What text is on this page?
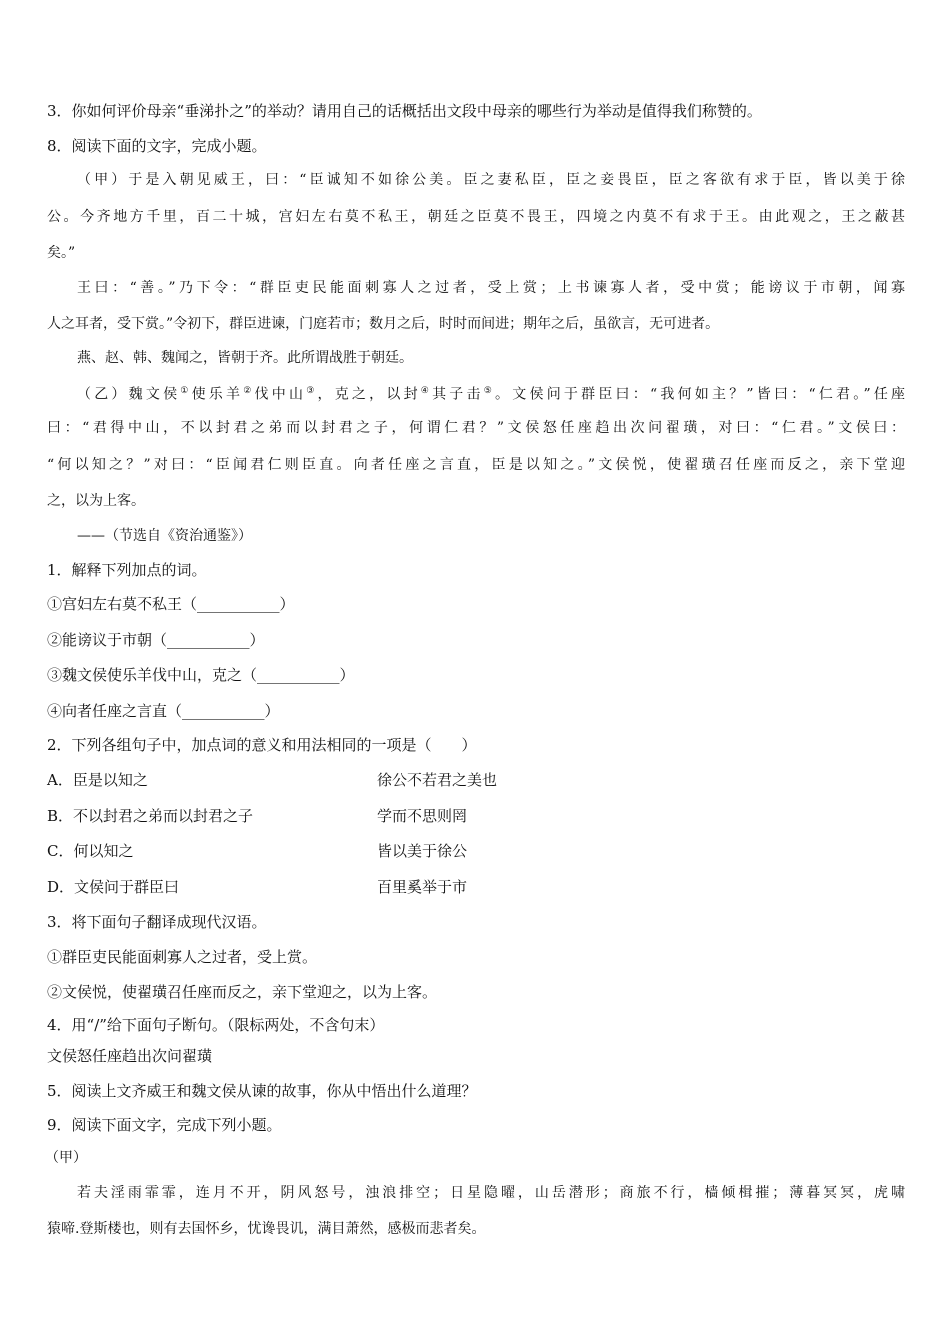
3．你如何评价母亲“垂涕扑之”的举动？请用自己的话概括出文段中母亲的哪些行为举动是值得我们称赞的。
8．阅读下面的文字，完成小题。
（甲）于是入朝见威王，曰：“臣诚知不如徐公美。臣之妻私臣，臣之妾畏臣，臣之客欲有求于臣，皆以美于徐
公。今齐地方千里，百二十城，宫妇左右莫不私王，朝廷之臣莫不畏王，四境之内莫不有求于王。由此观之，王之蔽甚
矣。”
王曰：“善。”乃下令：“群臣吏民能面刺寡人之过者，受上赏；上书谏寡人者，受中赏；能谤议于市朝，闻寡
人之耳者，受下赏。”令初下，群臣进谏，门庭若市；数月之后，时时而间进；期年之后，虽欲言，无可进者。
燕、赵、韩、魏闻之，皆朝于齐。此所谓战胜于朝廷。
（乙）魏文侯①使乐羊②伐中山③，克之，以封④其子击⑤。文侯问于群臣曰：“我何如主？”皆曰：“仁君。”任座
曰：“君得中山，不以封君之弟而以封君之子，何谓仁君？”文侯怒任座趋出次问翟璜，对曰：“仁君。”文侯曰：
“何以知之？”对曰：“臣闻君仁则臣直。向者任座之言直，臣是以知之。”文侯悦，使翟璜召任座而反之，亲下堂迎
之，以为上客。
——（节选自《资治通鉴》）
1．解释下列加点的词。
①宫妇左右莫不私王（___________）
②能谤议于市朝（___________）
③魏文侯使乐羊伐中山，克之（___________）
④向者任座之言直（___________）
2．下列各组句子中，加点词的意义和用法相同的一项是（　　）
A．臣是以知之	徐公不若君之美也
B．不以封君之弟而以封君之子	学而不思则罔
C．何以知之	皆以美于徐公
D．文侯问于群臣曰	百里奚举于市
3．将下面句子翻译成现代汉语。
①群臣吏民能面刺寡人之过者，受上赏。
②文侯悦，使翟璜召任座而反之，亲下堂迎之，以为上客。
4．用“/”给下面句子断句。（限标两处，不含句末）
文侯怒任座趋出次问翟璜
5．阅读上文齐威王和魏文侯从谏的故事，你从中悟出什么道理？
9．阅读下面文字，完成下列小题。
（甲）
若夫淫雨霏霏，连月不开，阴风怒号，浊浪排空；日星隐曜，山岳潜形；商旅不行，樯倾楫摧；薄暮冥冥，虎啸
猿啼.登斯楼也，则有去国怀乡，忧谗畏讥，满目萧然，感极而悲者矣。
